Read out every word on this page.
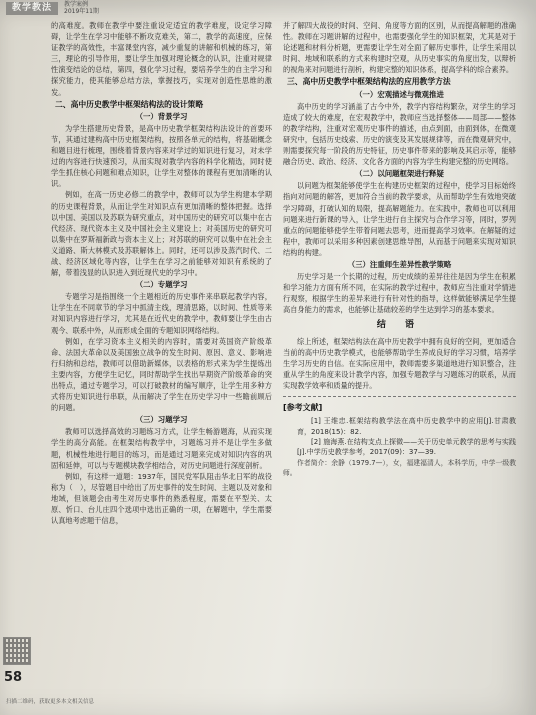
教学教法	教学案例
2019年11期

的高难度。教师在教学中要注重设定适宜的教学难度，设定学习障碍，让学生在学习中能够不断攻克难关，第二，教学的高速度，应保证教学的高效性，丰富课堂内容，减少重复的讲解和机械的练习，第三，理论的引导作用，要让学生加强对理论概念的认识，注重对规律性演变结论的总结，第四，强化学习过程，要培养学生的自主学习和探究能力，使其能够总结方法，掌握技巧，实现对创造性思维的激发。

二、高中历史教学中框架结构法的设计策略
（一）背景学习

为学生搭建历史背景，是高中历史教学框架结构法设计的首要环节，其通过建构高中历史框架结构，按照各单元的结构，将基础概念和题目进行梳理，围绕着背景内容来对学过的知识进行复习，对未学过的内容进行快速预习，从而实现对教学内容的科学化精选，同时使学生抓住核心问题和难点知识，让学生对整体的课程有更加清晰的认识。

例如，在高一历史必修二的教学中，教师可以为学生构建本学期的历史课程背景，从而让学生对知识点有更加清晰的整体把握。选择以中国、美国以及苏联为研究重点，对中国历史的研究可以集中在古代经济、现代资本主义及中国社会主义建设上；对美国历史的研究可以集中在罗斯福新政与资本主义上；对苏联的研究可以集中在社会主义道路、斯大林模式及苏联解体上。同时，还可以涉及蒸汽时代、二战、经济区域化等内容，让学生在学习之前能够对知识有系统的了解，带着浅显的认识进入到近现代史的学习中。

（二）专题学习

专题学习是指围绕一个主题相近的历史事件来串联起教学内容，让学生在不同章节的学习中抓清主线，理清思路，以时间、性质等来对知识内容进行学习，尤其是在近代史的教学中，教师要让学生由古观今、联系中外，从而形成全面的专题知识网络结构。

例如，在学习资本主义相关的内容时，需要对英国资产阶级革命、法国大革命以及美国独立战争的发生时间、原因、意义、影响进行归纳和总结，教师可以借助新媒体，以表格的形式来为学生提炼出主要内容，方便学生记忆，同时帮助学生找出早期资产阶级革命的突出特点，通过专题学习，可以打破教材的编写顺序，让学生用多种方式将历史知识进行串联，从而解决了学生在历史学习中一些瞻前顾后的问题。

（三）习题学习

教师可以选择高效的习题练习方式，让学生畅游题海，从而实现学生的高分高能。在框架结构教学中，习题练习并不是让学生多做题，机械性地进行题目的练习，而是通过习题来完成对知识内容的巩固和延伸，可以与专题模块教学相结合，对历史问题进行深度剖析。

例如，有这样一道题：1937年，国民党军队阻击华北日军的战役称为（　），尽管题目中给出了历史事件的发生时间、主题以及对象和地域，但该题会由考生对历史事件的熟悉程度，需要在平型关、太原、忻口、台儿庄四个选项中选出正确的一项，在解题中，学生需要认真地考虑题干信息，

并了解四大战役的时间、空间、角度等方面的区别，从而提高解题的准确性。教师在习题讲解的过程中，也需要强化学生的知识框架，尤其是对于论述题和材料分析题，更需要让学生对全面了解历史事件，让学生采用以时间、地域和联系的方式来构建时空观，从历史事实的角度出发，以辩析的视角来对问题进行剖析，构建完整的知识体系，提高学科的综合素养。

三、高中历史教学中框架结构法的应用教学方法
（一）宏观描述与微观推进

高中历史的学习涵盖了古今中外，教学内容结构繁杂，对学生的学习造成了较大的难度，在宏观教学中，教师应当选择整体——局部——整体的教学结构，注重对宏观历史事件的描述，由点到面，由面到体，在微观研究中，包括历史线索、历史的演变及其发展规律等，而在微观研究中，则需要探究每一阶段的历史特征，历史事件带来的影响及其启示等，能够融合历史、政治、经济、文化各方面的内容为学生构建完整的历史网络。

（二）以问题框架进行释疑

以问题为框架能够使学生在构建历史框架的过程中，使学习目标始终指向对问题的解答，更加符合当前的教学要求，从而帮助学生有效地突破学习障碍，打破认知的局限，提高解题能力。在实践中，教师也可以利用问题来进行新课的导入，让学生进行自主探究与合作学习等，同时，罗列重点的问题能够使学生带着问题去思考，进而提高学习效率。在解疑的过程中，教师可以采用多种因素创建思维导图，从而基于问题来实现对知识结构的构建。

（三）注重师生差异性教学策略

历史学习是一个长期的过程，历史成绩的差异往往是因为学生在积累和学习能力方面有所不同，在实际的教学过程中，教师应当注重对学情进行观察，根据学生的差异来进行有针对性的指导，这样做能够满足学生提高自身能力的需求，也能够让基础较差的学生达到学习的基本要求。

结 语

综上所述，框架结构法在高中历史教学中拥有良好的空间，更加适合当前的高中历史教学模式，也能够帮助学生养成良好的学习习惯，培养学生学习历史的自信。在实际应用中，教师需要多渠道地进行知识整合，注重从学生的角度来设计教学内容，加强专题教学与习题练习的联系，从而实现教学效率和质量的提升。

[参考文献]

[1] 王维忠.框架结构教学法在高中历史教学中的应用[J].甘肃教育，2018(15)：82.

[2] 施海燕.在结构支点上探微——关于历史单元教学的思考与实践[J].中学历史教学参考，2017(09)：37—39.

作者简介：余静（1979.7—），女，福建福清人，本科学历，中学一级教师。

58
扫描二维码，获取更多本文相关信息
